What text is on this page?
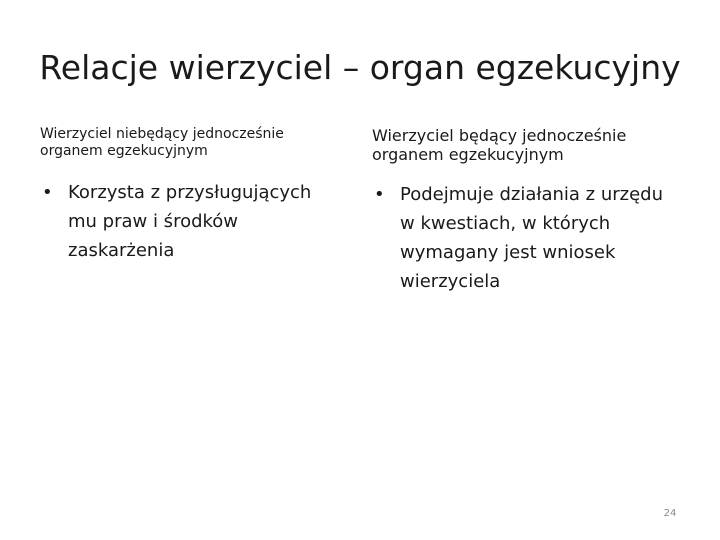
Relacje wierzyciel – organ egzekucyjny
Wierzyciel niebędący jednocześnie organem egzekucyjnym
• Korzysta z przysługujących mu praw i środków zaskarżenia
Wierzyciel będący jednocześnie organem egzekucyjnym
• Podejmuje działania z urzędu w kwestiach, w których wymagany jest wniosek wierzyciela
24
